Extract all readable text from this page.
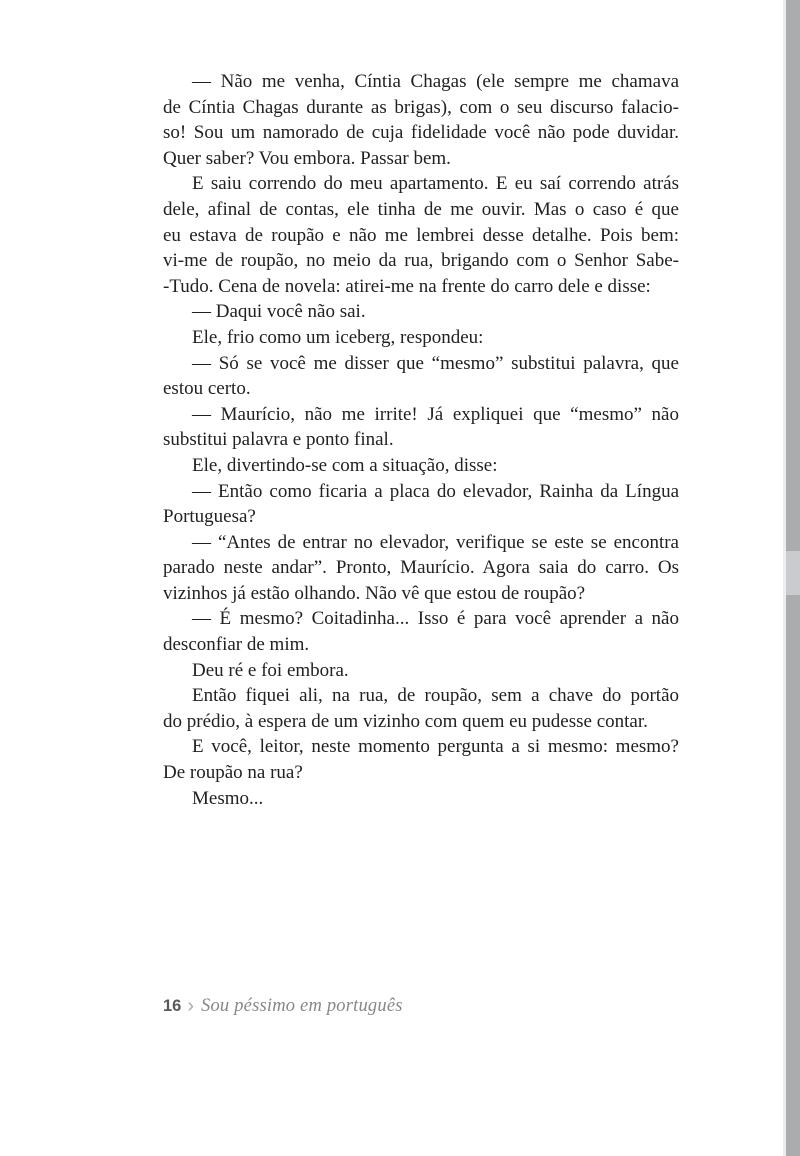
— Não me venha, Cíntia Chagas (ele sempre me chamava
de Cíntia Chagas durante as brigas), com o seu discurso falacio-
so! Sou um namorado de cuja fidelidade você não pode duvidar.
Quer saber? Vou embora. Passar bem.
E saiu correndo do meu apartamento. E eu saí correndo atrás
dele, afinal de contas, ele tinha de me ouvir. Mas o caso é que
eu estava de roupão e não me lembrei desse detalhe. Pois bem:
vi-me de roupão, no meio da rua, brigando com o Senhor Sabe-
-Tudo. Cena de novela: atirei-me na frente do carro dele e disse:
— Daqui você não sai.
Ele, frio como um iceberg, respondeu:
— Só se você me disser que “mesmo” substitui palavra, que
estou certo.
— Maurício, não me irrite! Já expliquei que “mesmo” não
substitui palavra e ponto final.
Ele, divertindo-se com a situação, disse:
— Então como ficaria a placa do elevador, Rainha da Língua
Portuguesa?
— “Antes de entrar no elevador, verifique se este se encontra
parado neste andar”. Pronto, Maurício. Agora saia do carro. Os
vizinhos já estão olhando. Não vê que estou de roupão?
— É mesmo? Coitadinha... Isso é para você aprender a não
desconfiar de mim.
Deu ré e foi embora.
Então fiquei ali, na rua, de roupão, sem a chave do portão
do prédio, à espera de um vizinho com quem eu pudesse contar.
E você, leitor, neste momento pergunta a si mesmo: mesmo?
De roupão na rua?
Mesmo...
16 › Sou péssimo em português
